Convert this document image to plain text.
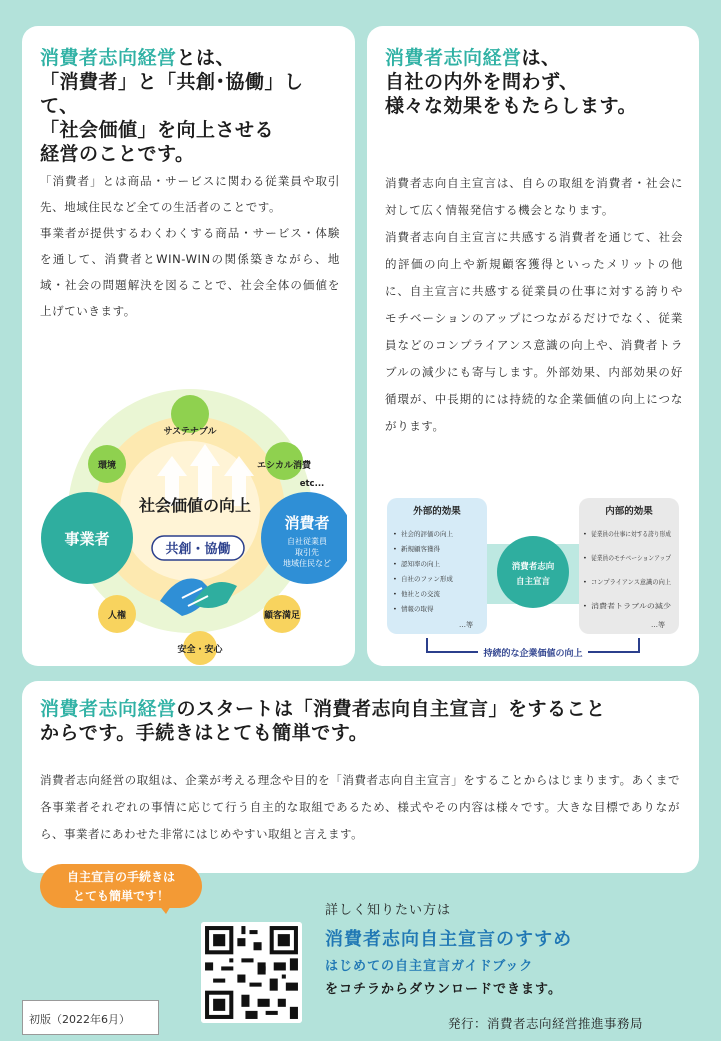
消費者志向経営とは、
「消費者」と「共創･協働」して、
「社会価値」を向上させる
経営のことです。

「消費者」とは商品・サービスに関わる従業員や取引先、地域住民など全ての生活者のことです。

事業者が提供するわくわくする商品・サービス・体験を通して、消費者とWIN-WINの関係築きながら、地域・社会の問題解決を図ることで、社会全体の価値を上げていきます。

事業者
消費者
自社従業員
取引先
地域住民など
社会価値の向上
共創・協働
サステナブル
環境	エシカル消費
etc...
人権	顧客満足
安全・安心
消費者志向経営は、
自社の内外を問わず、
様々な効果をもたらします。

消費者志向自主宣言は、自らの取組を消費者・社会に対して広く情報発信する機会となります。

消費者志向自主宣言に共感する消費者を通じて、社会的評価の向上や新規顧客獲得といったメリットの他に、自主宣言に共感する従業員の仕事に対する誇りやモチベーションのアップにつながるだけでなく、従業員などのコンプライアンス意識の向上や、消費者トラブルの減少にも寄与します。外部効果、内部効果の好循環が、中長期的には持続的な企業価値の向上につながります。

外部的効果
• 社会的評価の向上
• 新規顧客獲得
• 認知率の向上
• 自社のファン形成
• 他社との交流
• 情報の取得
…等
内部的効果
• 従業員の仕事に対する誇り形成
• 従業員のモチベーションアップ
• コンプライアンス意識の向上
• 消費者トラブルの減少
…等
消費者志向
自主宣言
持続的な企業価値の向上
消費者志向経営のスタートは「消費者志向自主宣言」をすること
からです。手続きはとても簡単です。
消費者志向経営の取組は、企業が考える理念や目的を「消費者志向自主宣言」をすることからはじまります。あくまで各事業者それぞれの事情に応じて行う自主的な取組であるため、様式やその内容は様々です。大きな目標でありながら、事業者にあわせた非常にはじめやすい取組と言えます。
自主宣言の手続きは
とても簡単です！
詳しく知りたい方は
消費者志向自主宣言のすすめ
はじめての自主宣言ガイドブック
をコチラからダウンロードできます。
初版（2022年6月）	発行：消費者志向経営推進事務局
